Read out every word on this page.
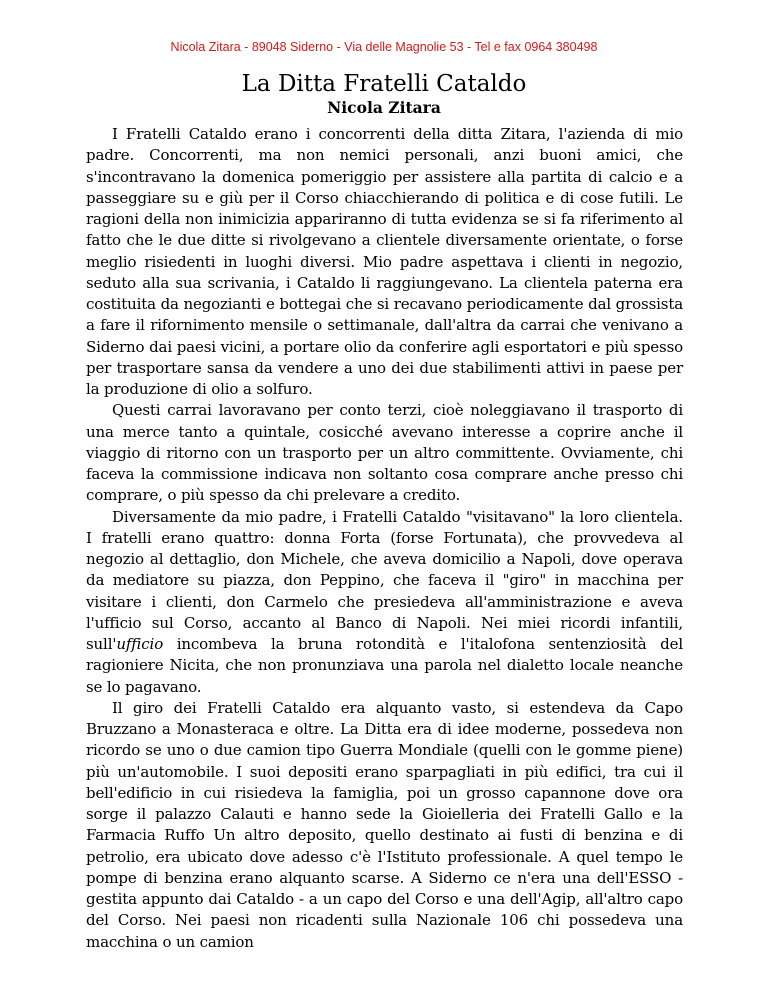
Nicola Zitara - 89048 Siderno - Via delle Magnolie 53 - Tel e fax 0964 380498
La Ditta Fratelli Cataldo
Nicola Zitara

I Fratelli Cataldo erano i concorrenti della ditta Zitara, l'azienda di mio padre. Concorrenti, ma non nemici personali, anzi buoni amici, che s'incontravano la domenica pomeriggio per assistere alla partita di calcio e a passeggiare su e giù per il Corso chiacchierando di politica e di cose futili. Le ragioni della non inimicizia appariranno di tutta evidenza se si fa riferimento al fatto che le due ditte si rivolgevano a clientele diversamente orientate, o forse meglio risiedenti in luoghi diversi. Mio padre aspettava i clienti in negozio, seduto alla sua scrivania, i Cataldo li raggiungevano. La clientela paterna era costituita da negozianti e bottegai che si recavano periodicamente dal grossista a fare il rifornimento mensile o settimanale, dall'altra da carrai che venivano a Siderno dai paesi vicini, a portare olio da conferire agli esportatori e più spesso per trasportare sansa da vendere a uno dei due stabilimenti attivi in paese per la produzione di olio a solfuro.

Questi carrai lavoravano per conto terzi, cioè noleggiavano il trasporto di una merce tanto a quintale, cosicché avevano interesse a coprire anche il viaggio di ritorno con un trasporto per un altro committente. Ovviamente, chi faceva la commissione indicava non soltanto cosa comprare anche presso chi comprare, o più spesso da chi prelevare a credito.

Diversamente da mio padre, i Fratelli Cataldo "visitavano" la loro clientela. I fratelli erano quattro: donna Forta (forse Fortunata), che provvedeva al negozio al dettaglio, don Michele, che aveva domicilio a Napoli, dove operava da mediatore su piazza, don Peppino, che faceva il "giro" in macchina per visitare i clienti, don Carmelo che presiedeva all'amministrazione e aveva l'ufficio sul Corso, accanto al Banco di Napoli. Nei miei ricordi infantili, sull'ufficio incombeva la bruna rotondità e l'italofona sentenziosità del ragioniere Nicita, che non pronunziava una parola nel dialetto locale neanche se lo pagavano.

Il giro dei Fratelli Cataldo era alquanto vasto, si estendeva da Capo Bruzzano a Monasteraca e oltre. La Ditta era di idee moderne, possedeva non ricordo se uno o due camion tipo Guerra Mondiale (quelli con le gomme piene) più un'automobile. I suoi depositi erano sparpagliati in più edifici, tra cui il bell'edificio in cui risiedeva la famiglia, poi un grosso capannone dove ora sorge il palazzo Calauti e hanno sede la Gioielleria dei Fratelli Gallo e la Farmacia Ruffo Un altro deposito, quello destinato ai fusti di benzina e di petrolio, era ubicato dove adesso c'è l'Istituto professionale. A quel tempo le pompe di benzina erano alquanto scarse. A Siderno ce n'era una dell'ESSO - gestita appunto dai Cataldo - a un capo del Corso e una dell'Agip, all'altro capo del Corso. Nei paesi non ricadenti sulla Nazionale 106 chi possedeva una macchina o un camion
